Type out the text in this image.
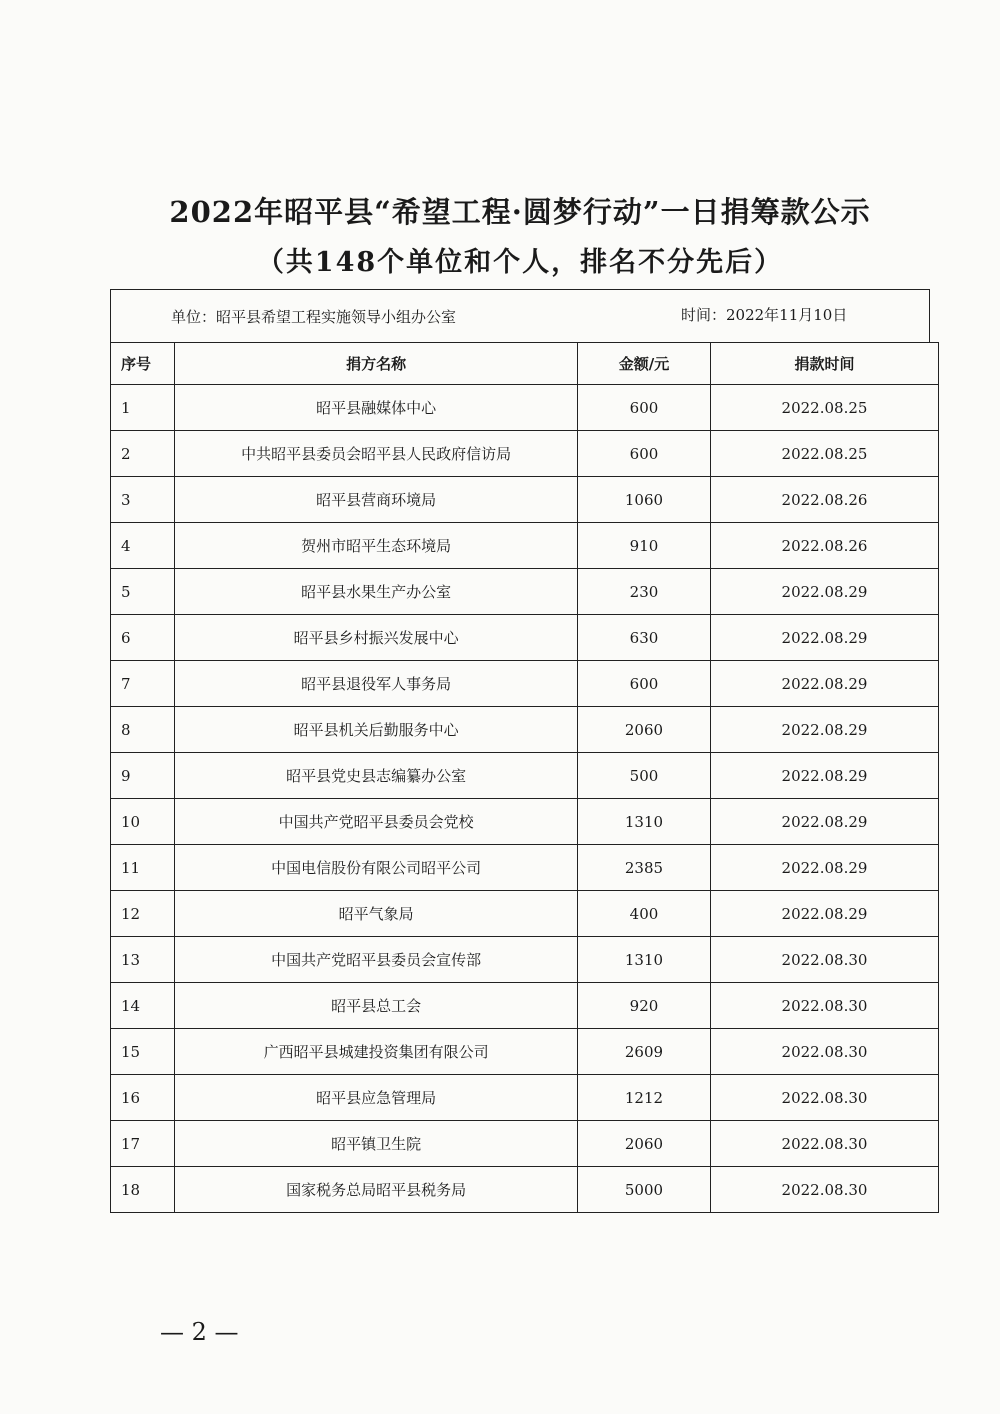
2022年昭平县“希望工程·圆梦行动”一日捐筹款公示
（共148个单位和个人，排名不分先后）
单位：昭平县希望工程实施领导小组办公室	时间：2022年11月10日
序号	捐方名称	金额/元	捐款时间
1	昭平县融媒体中心	600	2022.08.25
2	中共昭平县委员会昭平县人民政府信访局	600	2022.08.25
3	昭平县营商环境局	1060	2022.08.26
4	贺州市昭平生态环境局	910	2022.08.26
5	昭平县水果生产办公室	230	2022.08.29
6	昭平县乡村振兴发展中心	630	2022.08.29
7	昭平县退役军人事务局	600	2022.08.29
8	昭平县机关后勤服务中心	2060	2022.08.29
9	昭平县党史县志编纂办公室	500	2022.08.29
10	中国共产党昭平县委员会党校	1310	2022.08.29
11	中国电信股份有限公司昭平公司	2385	2022.08.29
12	昭平气象局	400	2022.08.29
13	中国共产党昭平县委员会宣传部	1310	2022.08.30
14	昭平县总工会	920	2022.08.30
15	广西昭平县城建投资集团有限公司	2609	2022.08.30
16	昭平县应急管理局	1212	2022.08.30
17	昭平镇卫生院	2060	2022.08.30
18	国家税务总局昭平县税务局	5000	2022.08.30
— 2 —
